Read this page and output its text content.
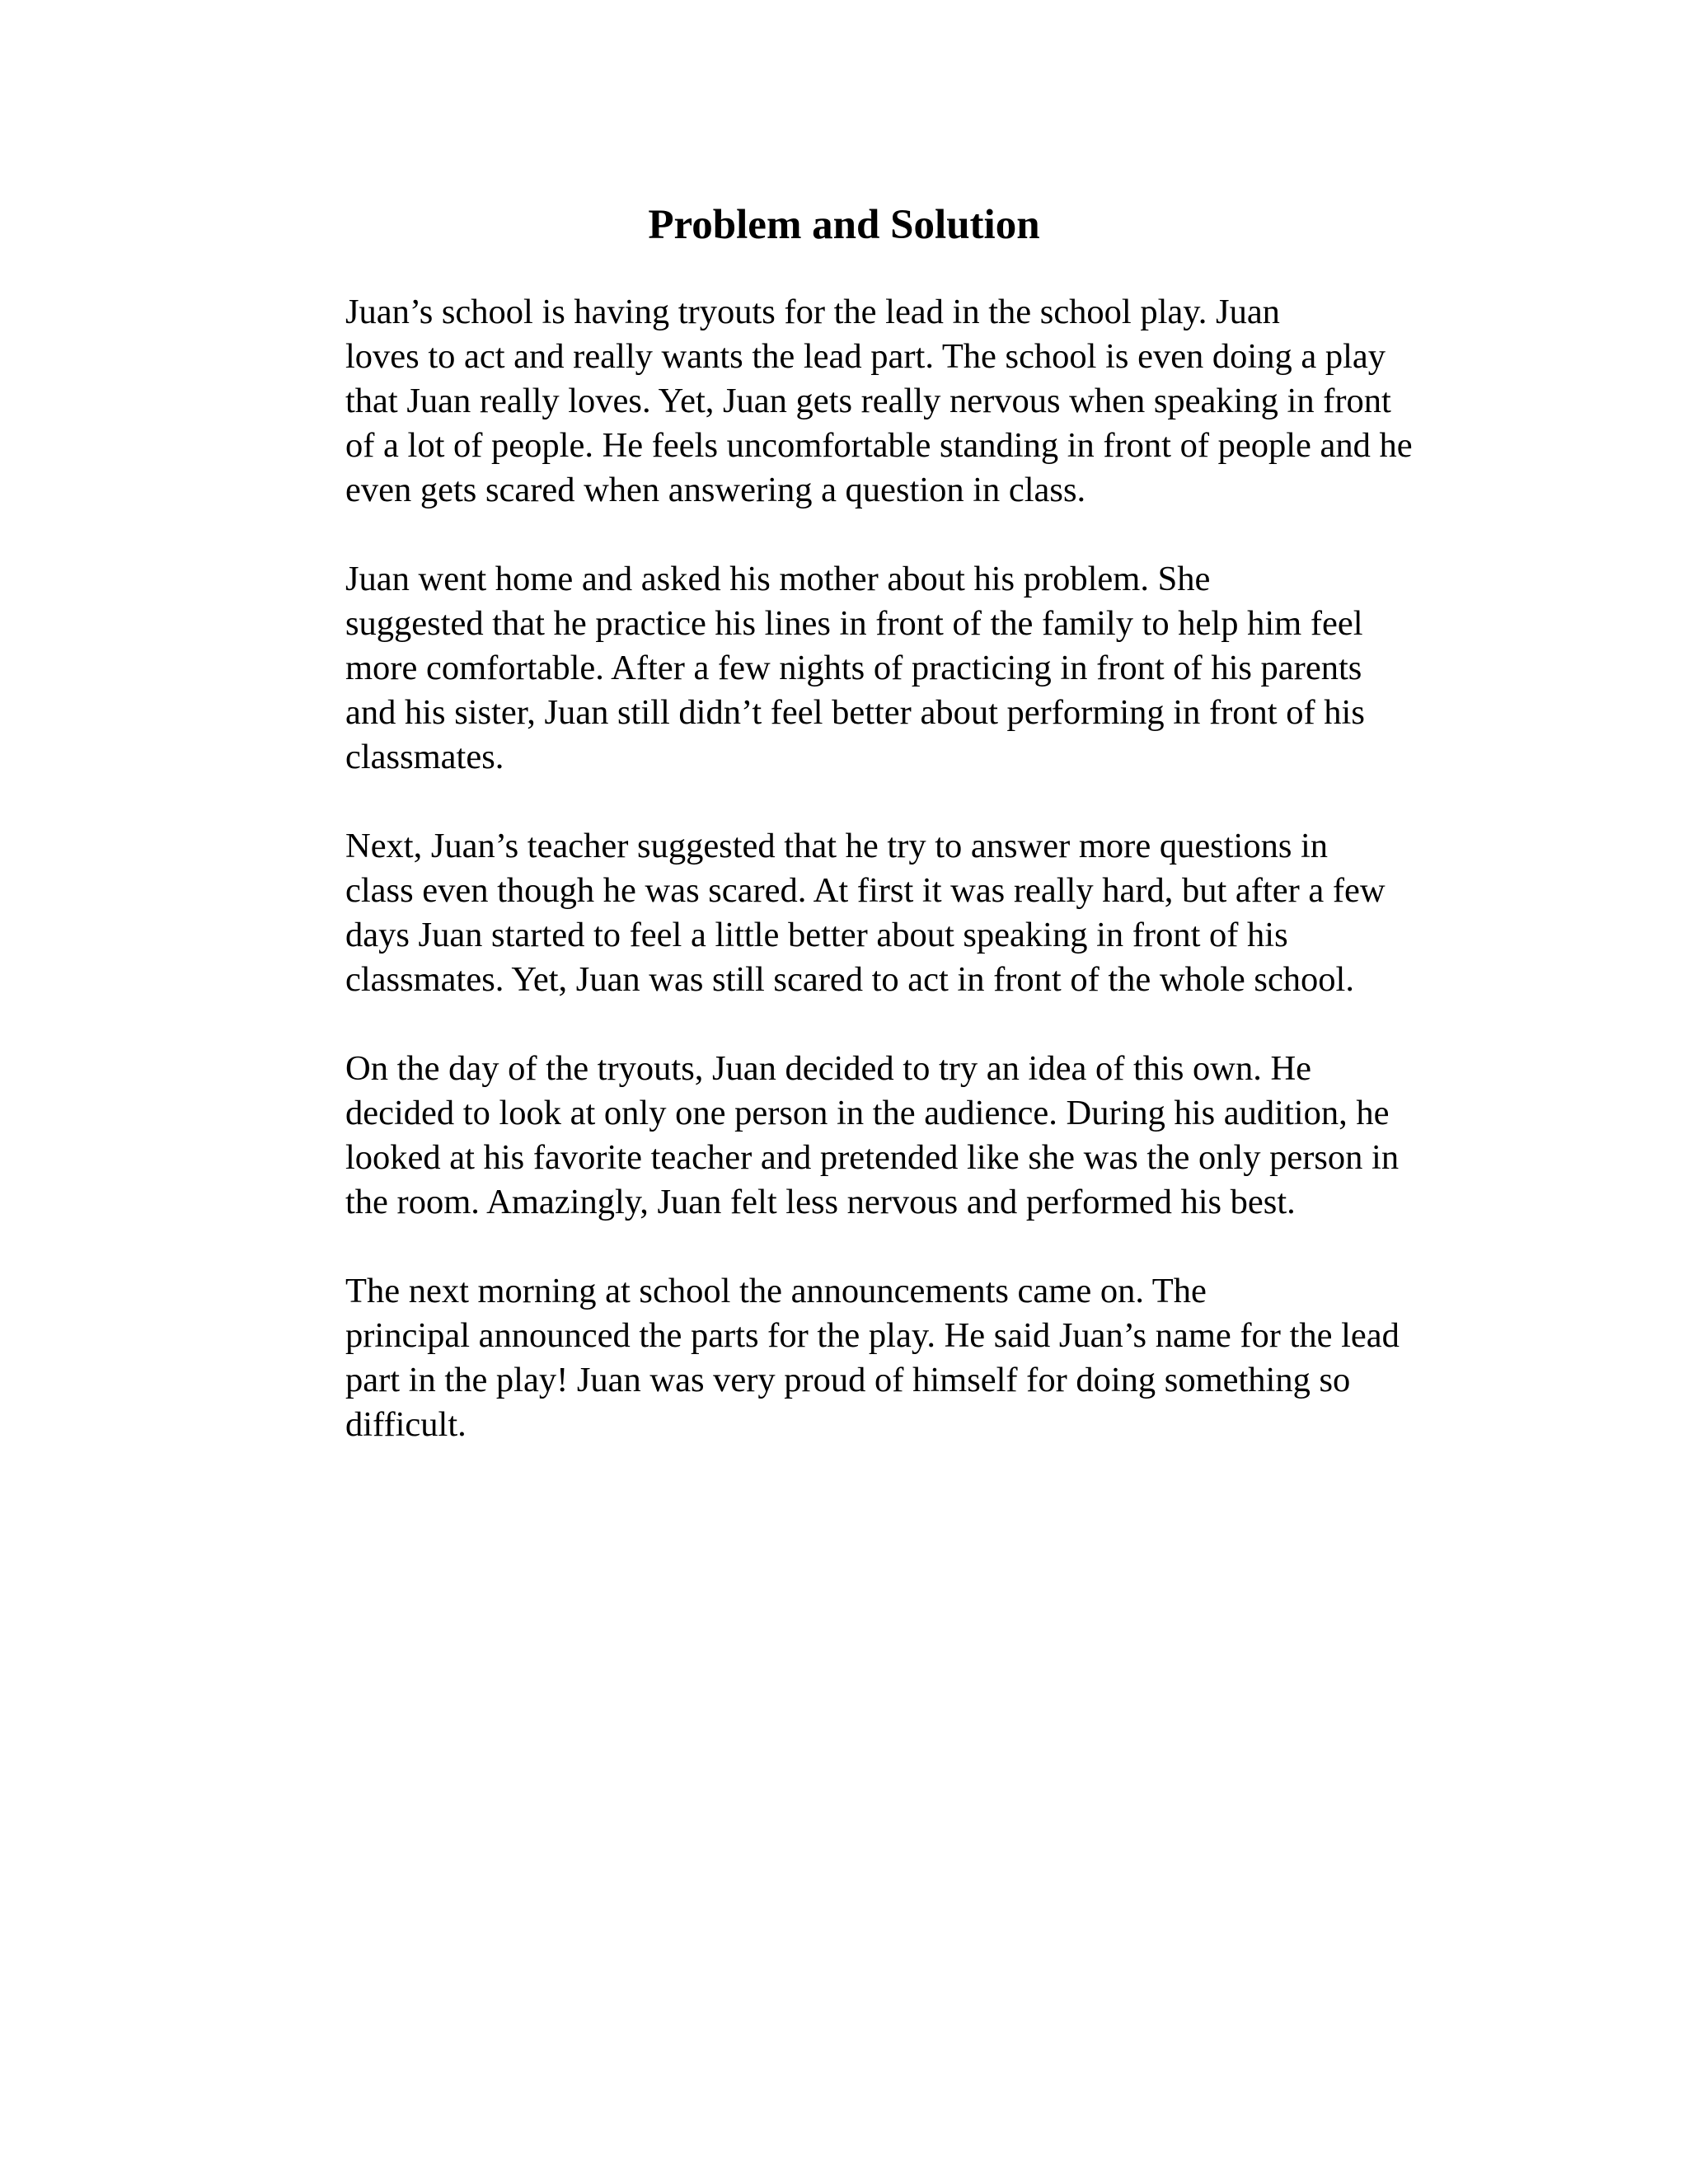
Problem and Solution

Juan’s school is having tryouts for the lead in the school play. Juan
loves to act and really wants the lead part. The school is even doing a play
that Juan really loves. Yet, Juan gets really nervous when speaking in front
of a lot of people. He feels uncomfortable standing in front of people and he
even gets scared when answering a question in class.

Juan went home and asked his mother about his problem. She
suggested that he practice his lines in front of the family to help him feel
more comfortable. After a few nights of practicing in front of his parents
and his sister, Juan still didn’t feel better about performing in front of his
classmates.

Next, Juan’s teacher suggested that he try to answer more questions in
class even though he was scared. At first it was really hard, but after a few
days Juan started to feel a little better about speaking in front of his
classmates. Yet, Juan was still scared to act in front of the whole school.

On the day of the tryouts, Juan decided to try an idea of this own. He
decided to look at only one person in the audience. During his audition, he
looked at his favorite teacher and pretended like she was the only person in
the room. Amazingly, Juan felt less nervous and performed his best.

The next morning at school the announcements came on. The
principal announced the parts for the play. He said Juan’s name for the lead
part in the play! Juan was very proud of himself for doing something so
difficult.
